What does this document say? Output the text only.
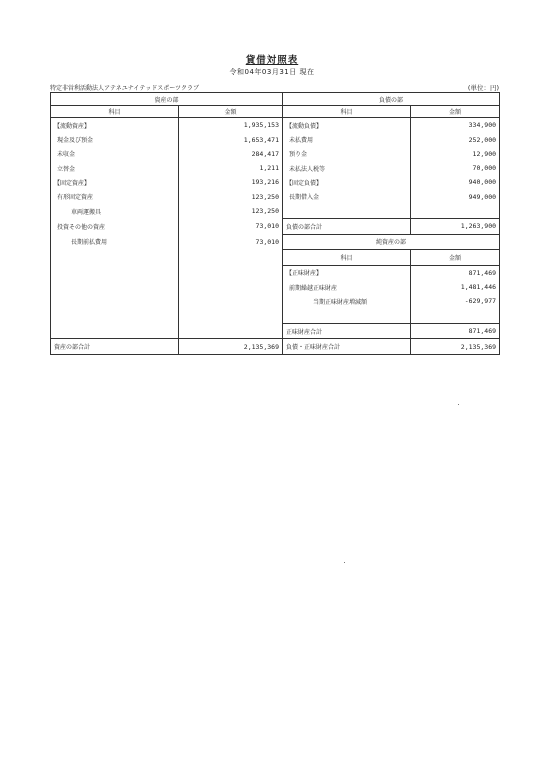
貸借対照表
令和04年03月31日 現在
特定非営利活動法人アテネユナイテッドスポーツクラブ	(単位：円)
資産の部		負債の部	
科目	金額	科目	金額
【流動資産】	1,935,153	【流動負債】	334,900
現金及び預金	1,653,471	未払費用	252,000
未収金	284,417	預り金	12,900
立替金	1,211	未払法人税等	70,000
【固定資産】	193,216	【固定負債】	940,000
有形固定資産	123,250	長期借入金	949,000
車両運搬具	123,250		
投資その他の資産	73,010	負債の部合計	1,263,900
長期前払費用	73,010	純資産の部	
		科目	金額
		【正味財産】	871,469
		前期繰越正味財産	1,481,446
		当期正味財産増減額	-629,977

		正味財産合計	871,469
資産の部合計	2,135,369	負債・正味財産合計	2,135,369
